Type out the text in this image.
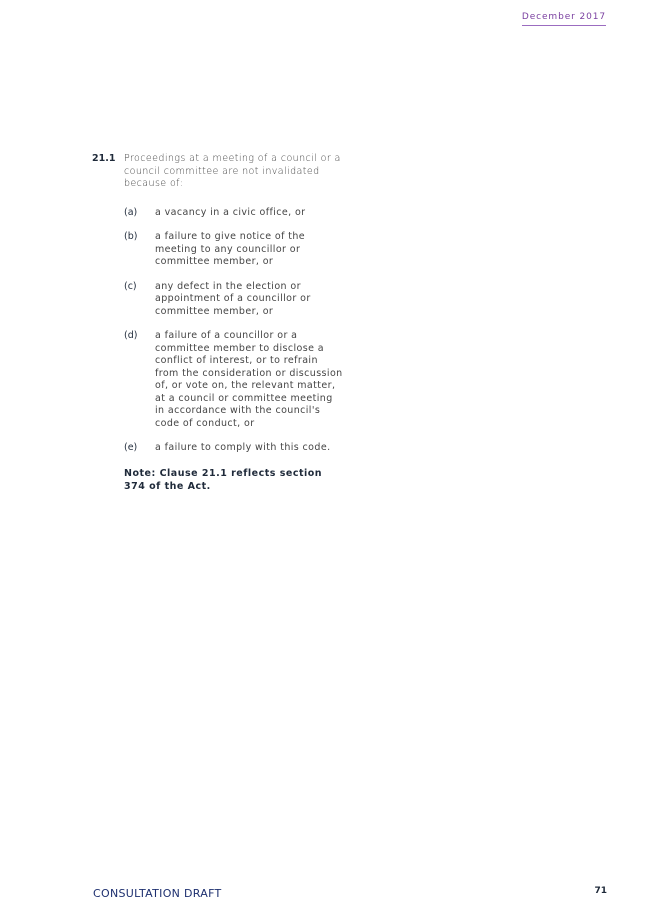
December 2017
21.1 Proceedings at a meeting of a council or a council committee are not invalidated because of:
(a)	a vacancy in a civic office, or
(b)	a failure to give notice of the meeting to any councillor or committee member, or
(c)	any defect in the election or appointment of a councillor or committee member, or
(d)	a failure of a councillor or a committee member to disclose a conflict of interest, or to refrain from the consideration or discussion of, or vote on, the relevant matter, at a council or committee meeting in accordance with the council's code of conduct, or
(e)	a failure to comply with this code.
Note: Clause 21.1 reflects section 374 of the Act.
CONSULTATION DRAFT	71
